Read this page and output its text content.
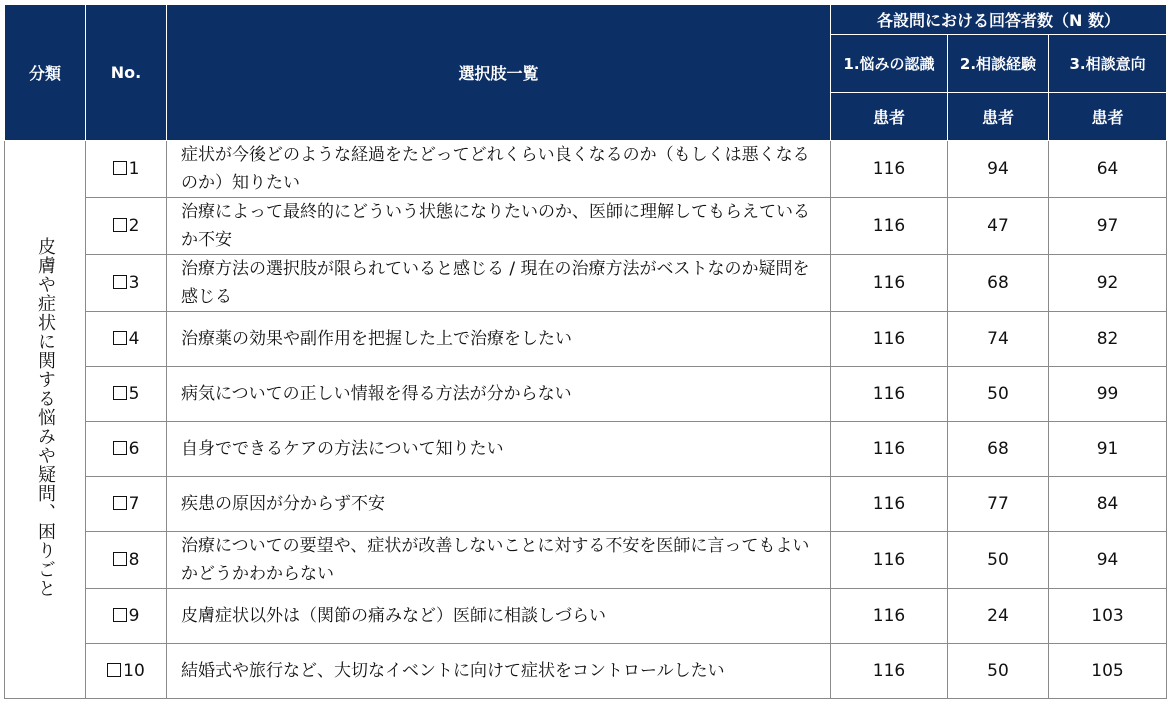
分類	No.	選択肢一覧	各設問における回答者数（N 数）		
			1.悩みの認識	2.相談経験	3.相談意向
			患者	患者	患者
皮膚や症状に関する悩みや疑問、困りごと	1	症状が今後どのような経過をたどってどれくらい良くなるのか（もしくは悪くなるのか）知りたい	116	94	64
	2	治療によって最終的にどういう状態になりたいのか、医師に理解してもらえているか不安	116	47	97
	3	治療方法の選択肢が限られていると感じる / 現在の治療方法がベストなのか疑問を感じる	116	68	92
	4	治療薬の効果や副作用を把握した上で治療をしたい	116	74	82
	5	病気についての正しい情報を得る方法が分からない	116	50	99
	6	自身でできるケアの方法について知りたい	116	68	91
	7	疾患の原因が分からず不安	116	77	84
	8	治療についての要望や、症状が改善しないことに対する不安を医師に言ってもよいかどうかわからない	116	50	94
	9	皮膚症状以外は（関節の痛みなど）医師に相談しづらい	116	24	103
	10	結婚式や旅行など、大切なイベントに向けて症状をコントロールしたい	116	50	105
